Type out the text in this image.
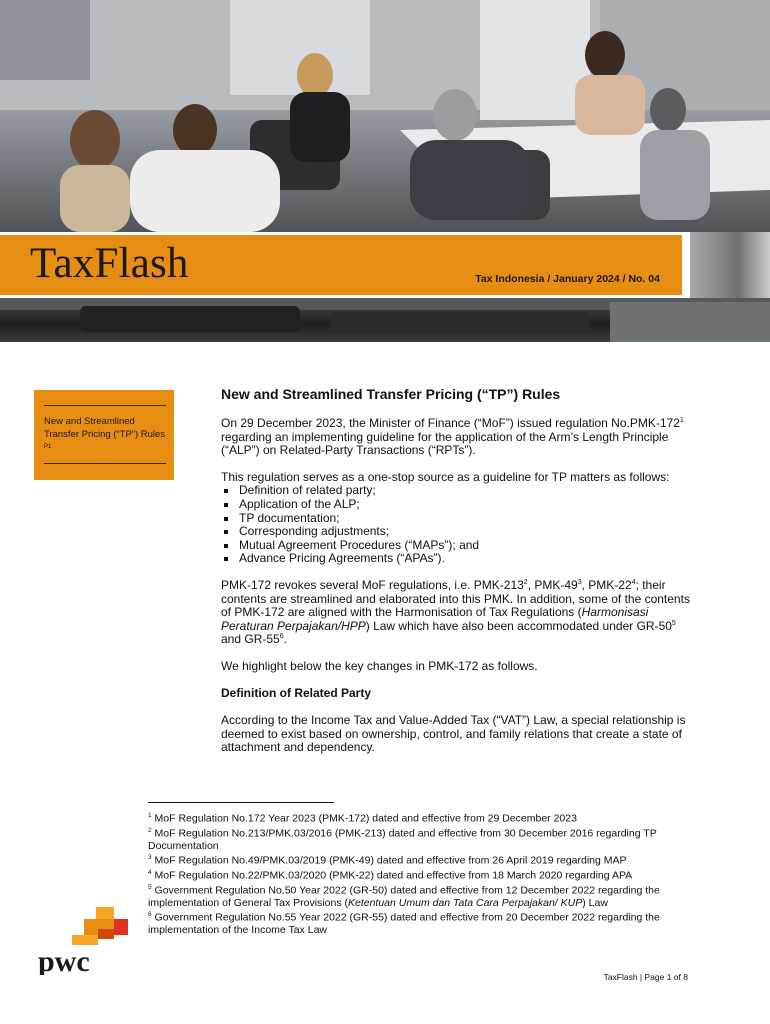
TaxFlash	Tax Indonesia / January 2024 / No. 04
New and Streamlined Transfer Pricing (“TP”) Rules $^{P1}$
New and Streamlined Transfer Pricing (“TP”) Rules

On 29 December 2023, the Minister of Finance (“MoF”) issued regulation $No.PMK-172^1$ regarding an implementing guideline for the application of the Arm’s Length Principle (“ALP”) on Related-Party Transactions (“RPTs”).

This regulation serves as a one-stop source as a guideline for TP matters as follows:

Definition of related party;
Application of the ALP;
TP documentation;
Corresponding adjustments;
Mutual Agreement Procedures (“MAPs”); and
Advance Pricing Agreements (“APAs”).

PMK-172 revokes several MoF regulations, i.e. PMK-$213^2$, PMK-$49^3$, PMK-$22^4$; their contents are streamlined and elaborated into this PMK. In addition, some of the contents of PMK-172 are aligned with the Harmonisation of Tax Regulations (Harmonisasi Peraturan Perpajakan/HPP) Law which have also been accommodated under $GR-50^5$ and $GR-55^6$.

We highlight below the key changes in PMK-172 as follows.

Definition of Related Party

According to the Income Tax and Value-Added Tax (“VAT”) Law, a special relationship is deemed to exist based on ownership, control, and family relations that create a state of attachment and dependency.

$^1$ MoF Regulation No.172 Year 2023 (PMK-172) dated and effective from 29 December 2023
$^2$ MoF Regulation No.213/PMK.03/2016 (PMK-213) dated and effective from 30 December 2016 regarding TP Documentation
$^3$ MoF Regulation No.49/PMK.03/2019 (PMK-49) dated and effective from 26 April 2019 regarding MAP
$^4$ MoF Regulation No.22/PMK.03/2020 (PMK-22) dated and effective from 18 March 2020 regarding APA
$^5$ Government Regulation No.50 Year 2022 (GR-50) dated and effective from 12 December 2022 regarding the implementation of General Tax Provisions (Ketentuan Umum dan Tata Cara Perpajakan/ KUP) Law
$^6$ Government Regulation No.55 Year 2022 (GR-55) dated and effective from 20 December 2022 regarding the implementation of the Income Tax Law
pwc	TaxFlash | Page 1 of 8
